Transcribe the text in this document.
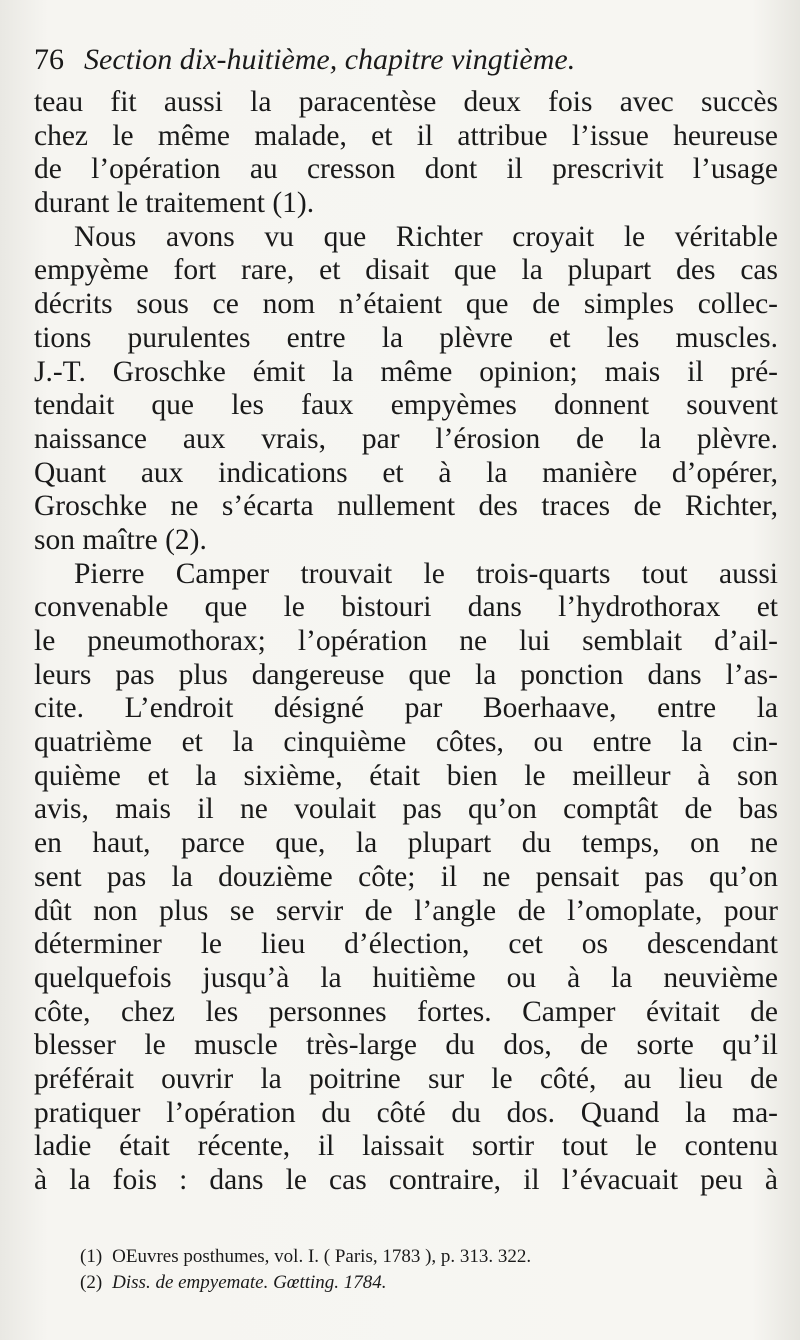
76 Section dix-huitième, chapitre vingtième.
teau fit aussi la paracentèse deux fois avec succès
chez le même malade, et il attribue l’issue heureuse
de l’opération au cresson dont il prescrivit l’usage
durant le traitement (1).
Nous avons vu que Richter croyait le véritable
empyème fort rare, et disait que la plupart des cas
décrits sous ce nom n’étaient que de simples collec-
tions purulentes entre la plèvre et les muscles.
J.-T. Groschke émit la même opinion; mais il pré-
tendait que les faux empyèmes donnent souvent
naissance aux vrais, par l’érosion de la plèvre.
Quant aux indications et à la manière d’opérer,
Groschke ne s’écarta nullement des traces de Richter,
son maître (2).
Pierre Camper trouvait le trois-quarts tout aussi
convenable que le bistouri dans l’hydrothorax et
le pneumothorax; l’opération ne lui semblait d’ail-
leurs pas plus dangereuse que la ponction dans l’as-
cite. L’endroit désigné par Boerhaave, entre la
quatrième et la cinquième côtes, ou entre la cin-
quième et la sixième, était bien le meilleur à son
avis, mais il ne voulait pas qu’on comptât de bas
en haut, parce que, la plupart du temps, on ne
sent pas la douzième côte; il ne pensait pas qu’on
dût non plus se servir de l’angle de l’omoplate, pour
déterminer le lieu d’élection, cet os descendant
quelquefois jusqu’à la huitième ou à la neuvième
côte, chez les personnes fortes. Camper évitait de
blesser le muscle très-large du dos, de sorte qu’il
préférait ouvrir la poitrine sur le côté, au lieu de
pratiquer l’opération du côté du dos. Quand la ma-
ladie était récente, il laissait sortir tout le contenu
à la fois : dans le cas contraire, il l’évacuait peu à
(1) OEuvres posthumes, vol. I. ( Paris, 1783 ), p. 313. 322.
(2) Diss. de empyemate. Gœtting. 1784.
